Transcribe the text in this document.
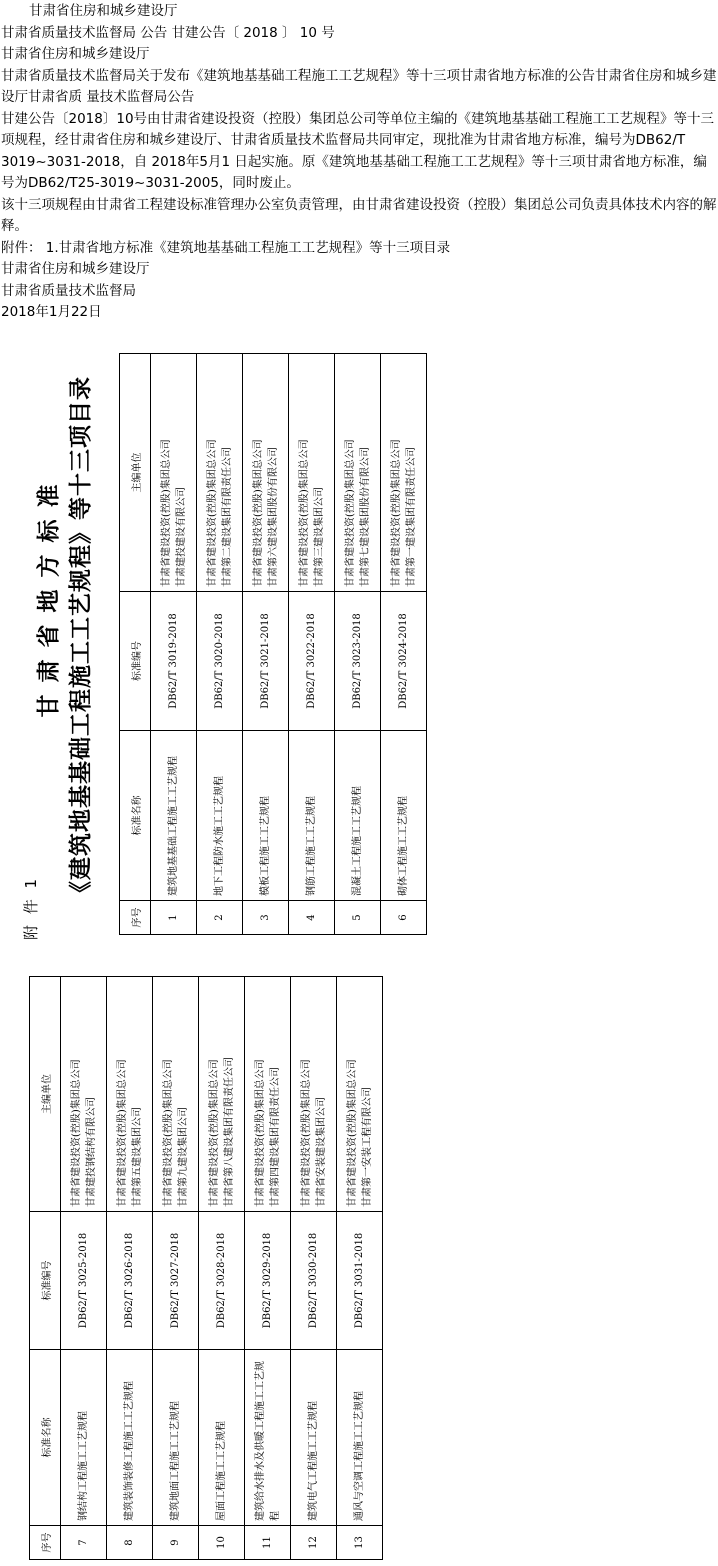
甘肃省住房和城乡建设厅

甘肃省质量技术监督局 公告 甘建公告〔 2018 〕 10 号

甘肃省住房和城乡建设厅

甘肃省质量技术监督局关于发布《建筑地基基础工程施工工艺规程》等十三项甘肃省地方标准的公告甘肃省住房和城乡建设厅甘肃省质 量技术监督局公告

甘建公告〔2018〕10号由甘肃省建设投资（控股）集团总公司等单位主编的《建筑地基基础工程施工工艺规程》等十三项规程，经甘肃省住房和城乡建设厅、甘肃省质量技术监督局共同审定，现批准为甘肃省地方标准，编号为DB62/T 3019~3031-2018，自 2018年5月1 日起实施。原《建筑地基基础工程施工工艺规程》等十三项甘肃省地方标准，编号为DB62/T25-3019~3031-2005，同时废止。

该十三项规程由甘肃省工程建设标准管理办公室负责管理，由甘肃省建设投资（控股）集团总公司负责具体技术内容的解释。

附件： 1.甘肃省地方标准《建筑地基基础工程施工工艺规程》等十三项目录

甘肃省住房和城乡建设厅

甘肃省质量技术监督局

2018年1月22日

附 件 1
甘 肃 省 地 方 标 准 《建筑地基基础工程施工工艺规程》等十三项目录
序号	标准名称	标准编号	主编单位
1	建筑地基基础工程施工工艺规程	DB62/T 3019-2018	甘肃省建设投资(控股)集团总公司 甘肃建投建设有限公司

2	地下工程防水施工工艺规程	DB62/T 3020-2018	甘肃省建设投资(控股)集团总公司 甘肃第二建设集团有限责任公司

3	模板工程施工工艺规程	DB62/T 3021-2018	甘肃省建设投资(控股)集团总公司 甘肃第六建设集团股份有限公司

4	钢筋工程施工工艺规程	DB62/T 3022-2018	甘肃省建设投资(控股)集团总公司 甘肃第三建设集团公司

5	混凝土工程施工工艺规程	DB62/T 3023-2018	甘肃省建设投资(控股)集团总公司 甘肃第七建设集团股份有限公司

6	砌体工程施工工艺规程	DB62/T 3024-2018	甘肃省建设投资(控股)集团总公司 甘肃第一建设集团有限责任公司
序号	标准名称	标准编号	主编单位
7	钢结构工程施工工艺规程	DB62/T 3025-2018	甘肃省建设投资(控股)集团总公司 甘肃建投钢结构有限公司

8	建筑装饰装修工程施工工艺规程	DB62/T 3026-2018	甘肃省建设投资(控股)集团总公司 甘肃第五建设集团公司

9	建筑地面工程施工工艺规程	DB62/T 3027-2018	甘肃省建设投资(控股)集团总公司 甘肃第九建设集团公司

10	屋面工程施工工艺规程	DB62/T 3028-2018	甘肃省建设投资(控股)集团总公司 甘肃省第八建设集团有限责任公司

11	建筑给水排水及供暖工程施工工艺规程	DB62/T 3029-2018	甘肃省建设投资(控股)集团总公司 甘肃第四建设集团有限责任公司

12	建筑电气工程施工工艺规程	DB62/T 3030-2018	甘肃省建设投资(控股)集团总公司 甘肃省安装建设集团公司

13	通风与空调工程施工工艺规程	DB62/T 3031-2018	甘肃省建设投资(控股)集团总公司 甘肃第一安装工程有限公司
